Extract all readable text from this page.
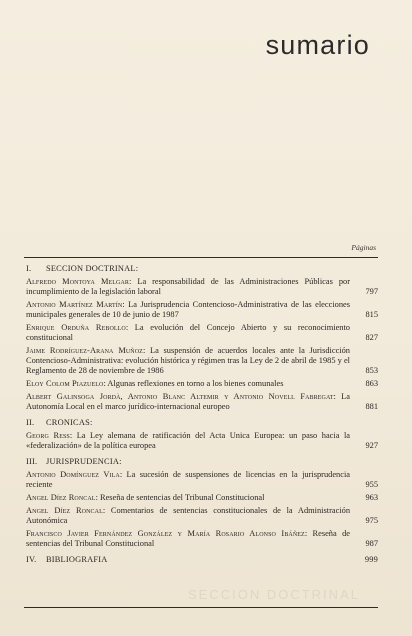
sumario
Páginas
I. SECCION DOCTRINAL:
Alfredo Montoya Melgar: La responsabilidad de las Administraciones Públicas por incumplimiento de la legislación laboral	797
Antonio Martínez Martín: La Jurisprudencia Contencioso-Administrativa de las elecciones municipales generales de 10 de junio de 1987	815
Enrique Orduña Rebollo: La evolución del Concejo Abierto y su reconocimiento constitucional	827
Jaime Rodríguez-Arana Muñoz: La suspensión de acuerdos locales ante la Jurisdicción Contencioso-Administrativa: evolución histórica y régimen tras la Ley de 2 de abril de 1985 y el Reglamento de 28 de noviembre de 1986	853
Eloy Colom Piazuelo: Algunas reflexiones en torno a los bienes comunales	863
Albert Galinsoga Jordà, Antonio Blanc Altemir y Antonio Novell Fabregat: La Autonomía Local en el marco jurídico-internacional europeo	881
II. CRONICAS:
Georg Ress: La Ley alemana de ratificación del Acta Unica Europea: un paso hacia la «federalización» de la política europea	927
III. JURISPRUDENCIA:
Antonio Domínguez Vila: La sucesión de suspensiones de licencias en la jurisprudencia reciente	955
Angel Díez Roncal: Reseña de sentencias del Tribunal Constitucional	963
Angel Díez Roncal: Comentarios de sentencias constitucionales de la Administración Autonómica	975
Francisco Javier Fernández González y María Rosario Alonso Ibáñez: Reseña de sentencias del Tribunal Constitucional	987
IV. BIBLIOGRAFIA	999
SECCION DOCTRINAL
